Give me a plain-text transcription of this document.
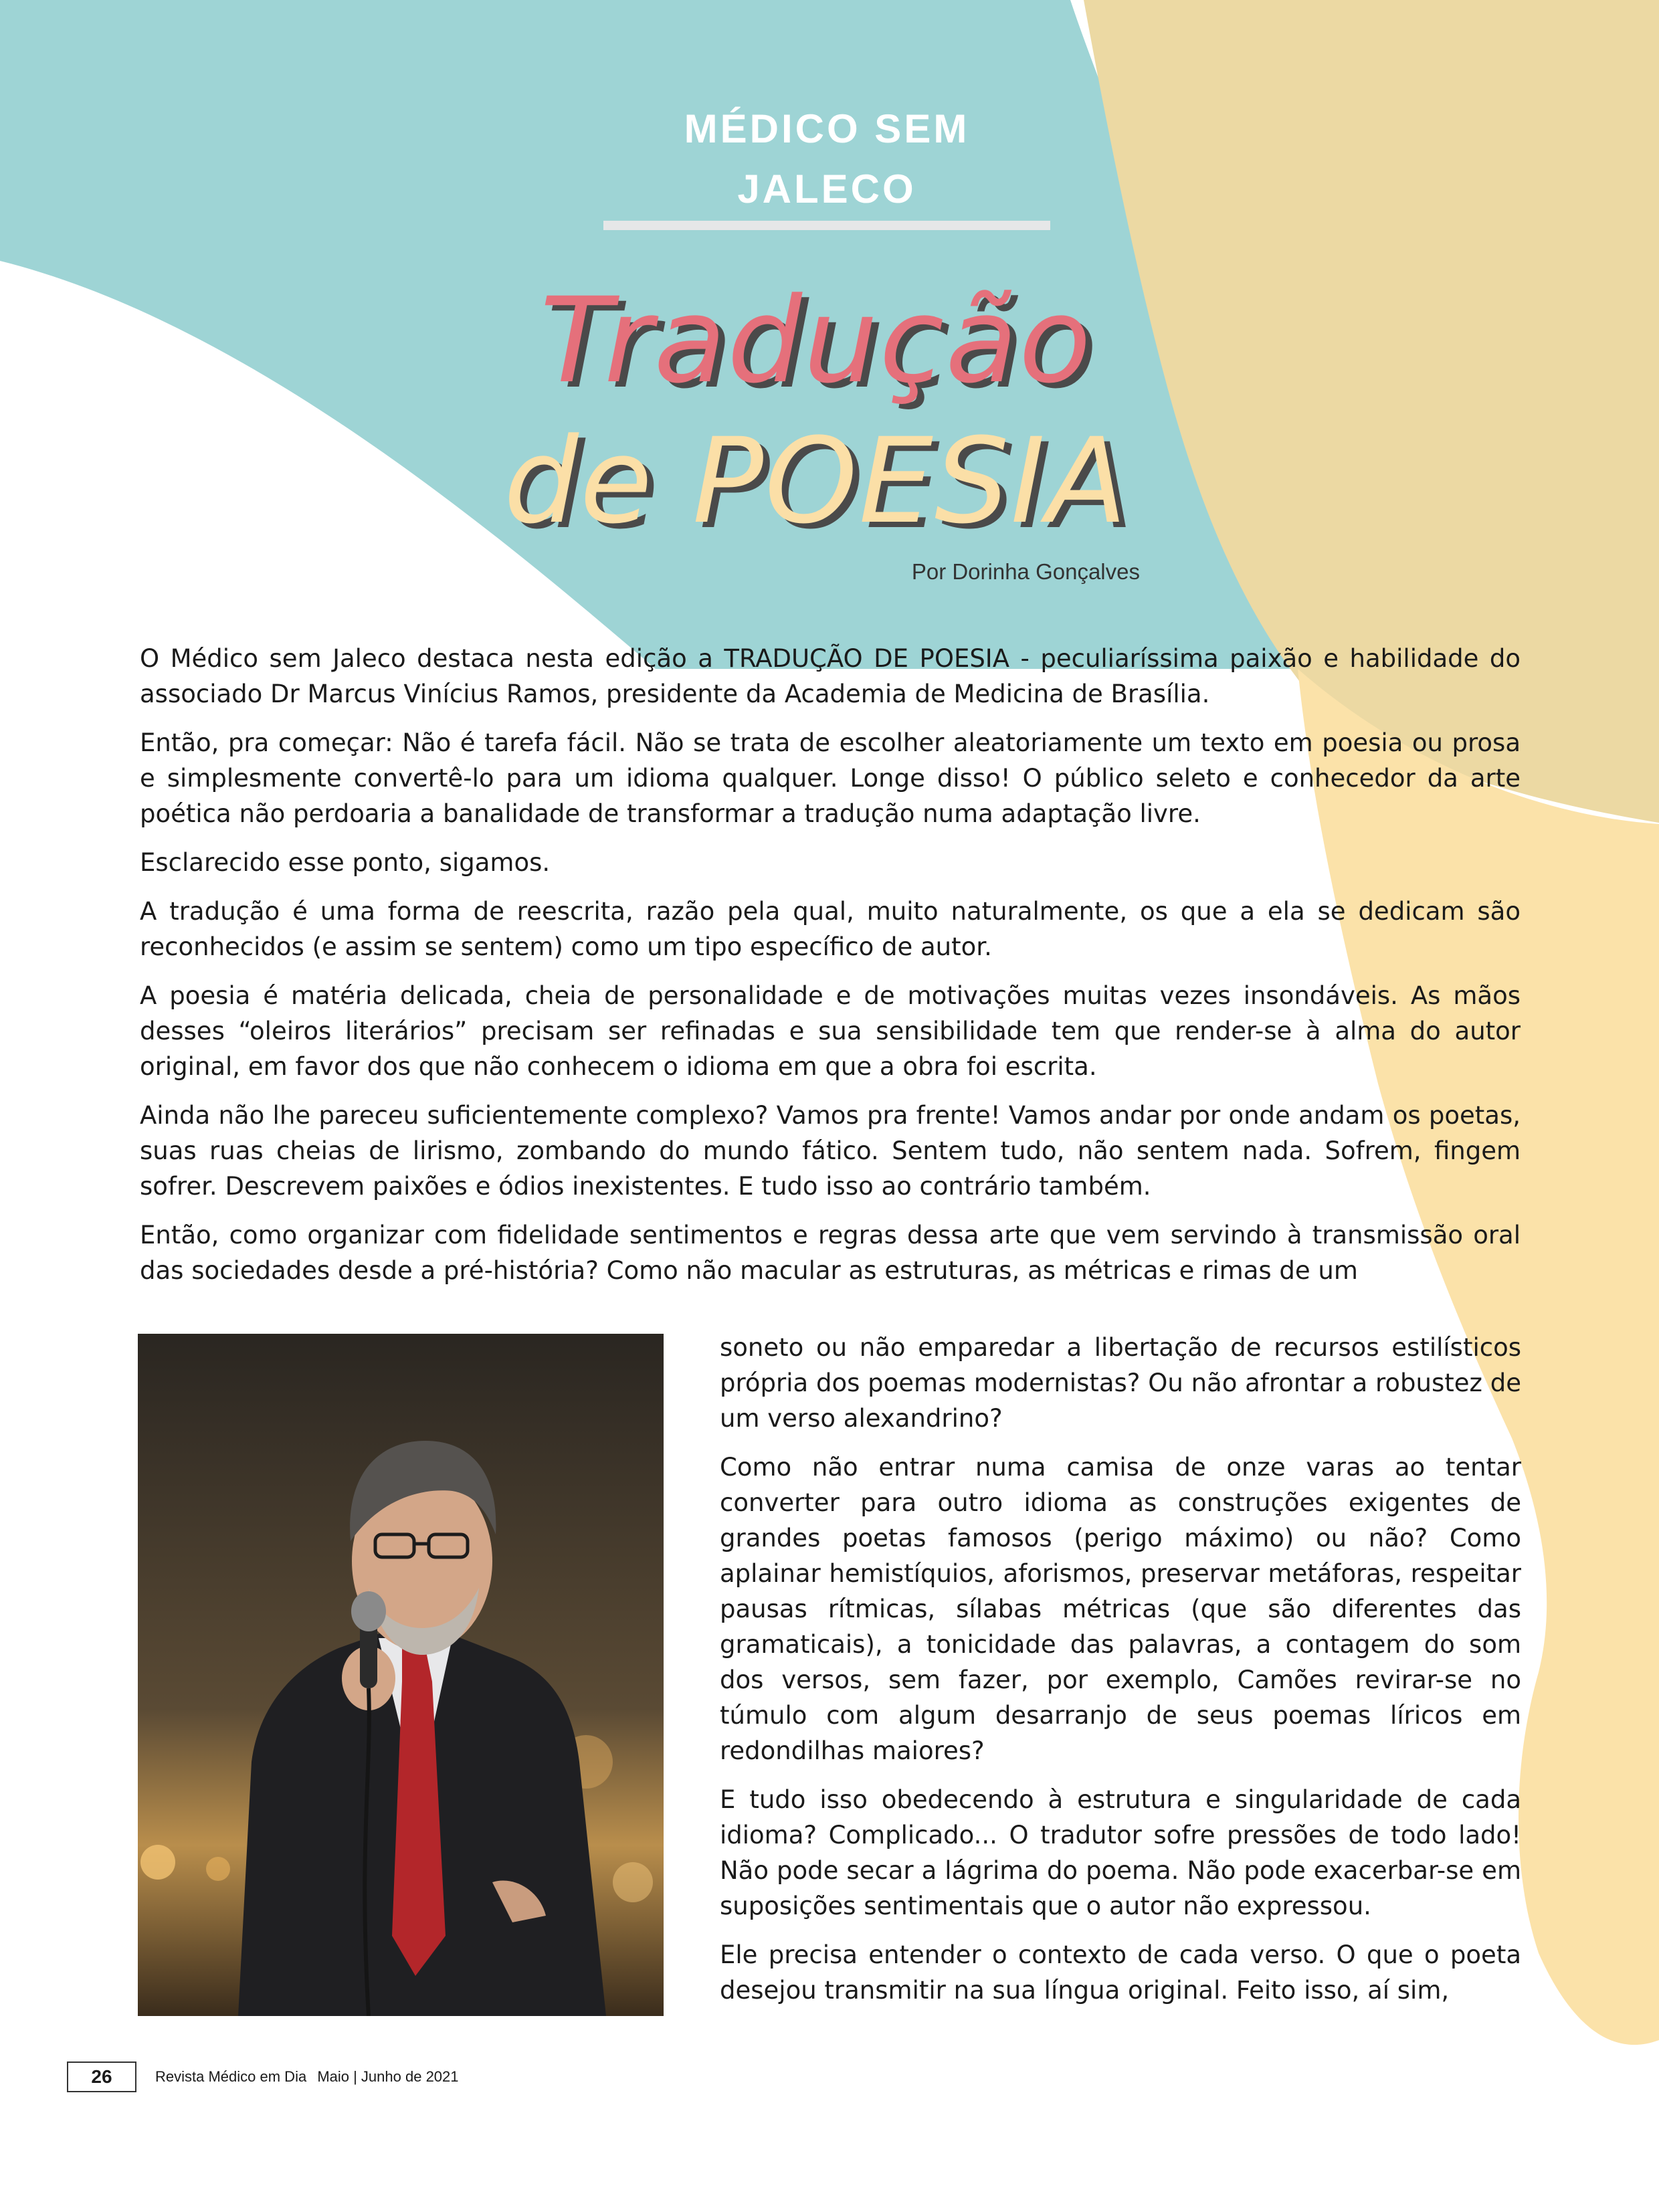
MÉDICO SEM JALECO
Tradução
de POESIA
Por Dorinha Gonçalves

O Médico sem Jaleco destaca nesta edição a TRADUÇÃO DE POESIA - peculiaríssima paixão e habilidade do associado Dr Marcus Vinícius Ramos, presidente da Academia de Medicina de Brasília.

Então, pra começar: Não é tarefa fácil. Não se trata de escolher aleatoriamente um texto em poesia ou prosa e simplesmente convertê-lo para um idioma qualquer. Longe disso! O público seleto e conhecedor da arte poética não perdoaria a banalidade de transformar a tradução numa adaptação livre.

Esclarecido esse ponto, sigamos.

A tradução é uma forma de reescrita, razão pela qual, muito naturalmente, os que a ela se dedicam são reconhecidos (e assim se sentem) como um tipo específico de autor.

A poesia é matéria delicada, cheia de personalidade e de motivações muitas vezes insondáveis. As mãos desses “oleiros literários” precisam ser refinadas e sua sensibilidade tem que render-se à alma do autor original, em favor dos que não conhecem o idioma em que a obra foi escrita.

Ainda não lhe pareceu suficientemente complexo? Vamos pra frente! Vamos andar por onde andam os poetas, suas ruas cheias de lirismo, zombando do mundo fático. Sentem tudo, não sentem nada. Sofrem, fingem sofrer. Descrevem paixões e ódios inexistentes. E tudo isso ao contrário também.

Então, como organizar com fidelidade sentimentos e regras dessa arte que vem servindo à transmissão oral das sociedades desde a pré-história? Como não macular as estruturas, as métricas e rimas de um

soneto ou não emparedar a libertação de recursos estilísticos própria dos poemas modernistas? Ou não afrontar a robustez de um verso alexandrino?

Como não entrar numa camisa de onze varas ao tentar converter para outro idioma as construções exigentes de grandes poetas famosos (perigo máximo) ou não? Como aplainar hemistíquios, aforismos, preservar metáforas, respeitar pausas rítmicas, sílabas métricas (que são diferentes das gramaticais), a tonicidade das palavras, a contagem do som dos versos, sem fazer, por exemplo, Camões revirar-se no túmulo com algum desarranjo de seus poemas líricos em redondilhas maiores?

E tudo isso obedecendo à estrutura e singularidade de cada idioma? Complicado... O tradutor sofre pressões de todo lado! Não pode secar a lágrima do poema. Não pode exacerbar-se em suposições sentimentais que o autor não expressou.

Ele precisa entender o contexto de cada verso. O que o poeta desejou transmitir na sua língua original. Feito isso, aí sim,

26	Revista Médico em Dia Maio | Junho de 2021
